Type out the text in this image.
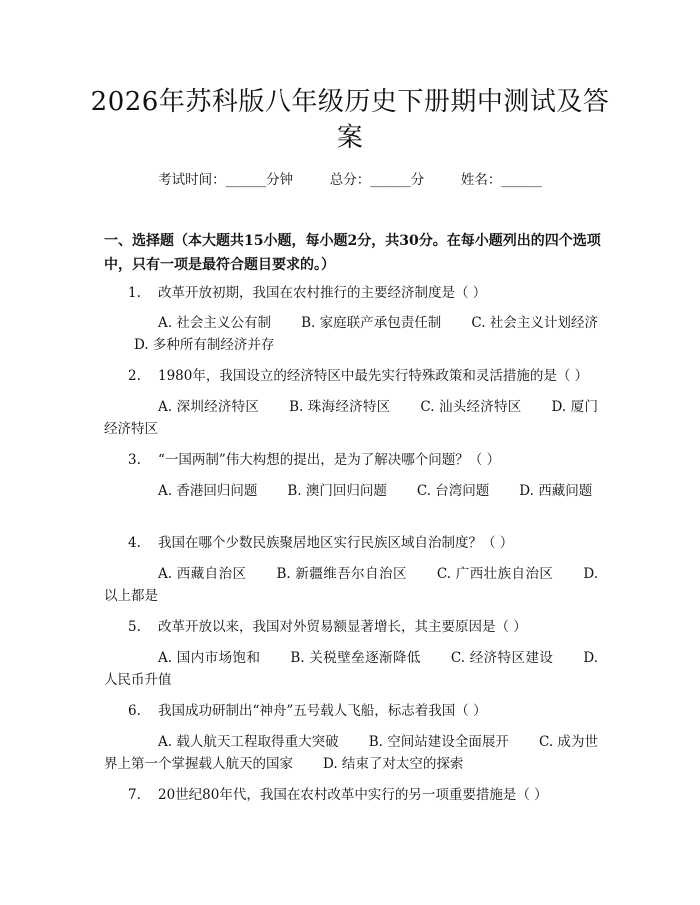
2026年苏科版八年级历史下册期中测试及答案
考试时间：______分钟	总分：______分	姓名：______
一、选择题（本大题共15小题，每小题2分，共30分。在每小题列出的四个选项中，只有一项是最符合题目要求的。）
1. 改革开放初期，我国在农村推行的主要经济制度是（ ）
A. 社会主义公有制 B. 家庭联产承包责任制 C. 社会主义计划经济D. 多种所有制经济并存
2. 1980年，我国设立的经济特区中最先实行特殊政策和灵活措施的是（ ）
A. 深圳经济特区 B. 珠海经济特区 C. 汕头经济特区 D. 厦门经济特区
3. “一国两制”伟大构想的提出，是为了解决哪个问题？（ ）
A. 香港回归问题 B. 澳门回归问题 C. 台湾问题 D. 西藏问题
4. 我国在哪个少数民族聚居地区实行民族区域自治制度？（ ）
A. 西藏自治区 B. 新疆维吾尔自治区 C. 广西壮族自治区 D. 以上都是
5. 改革开放以来，我国对外贸易额显著增长，其主要原因是（ ）
A. 国内市场饱和 B. 关税壁垒逐渐降低 C. 经济特区建设 D. 人民币升值
6. 我国成功研制出“神舟”五号载人飞船，标志着我国（ ）
A. 载人航天工程取得重大突破 B. 空间站建设全面展开 C. 成为世界上第一个掌握载人航天的国家 D. 结束了对太空的探索
7. 20世纪80年代，我国在农村改革中实行的另一项重要措施是（ ）
